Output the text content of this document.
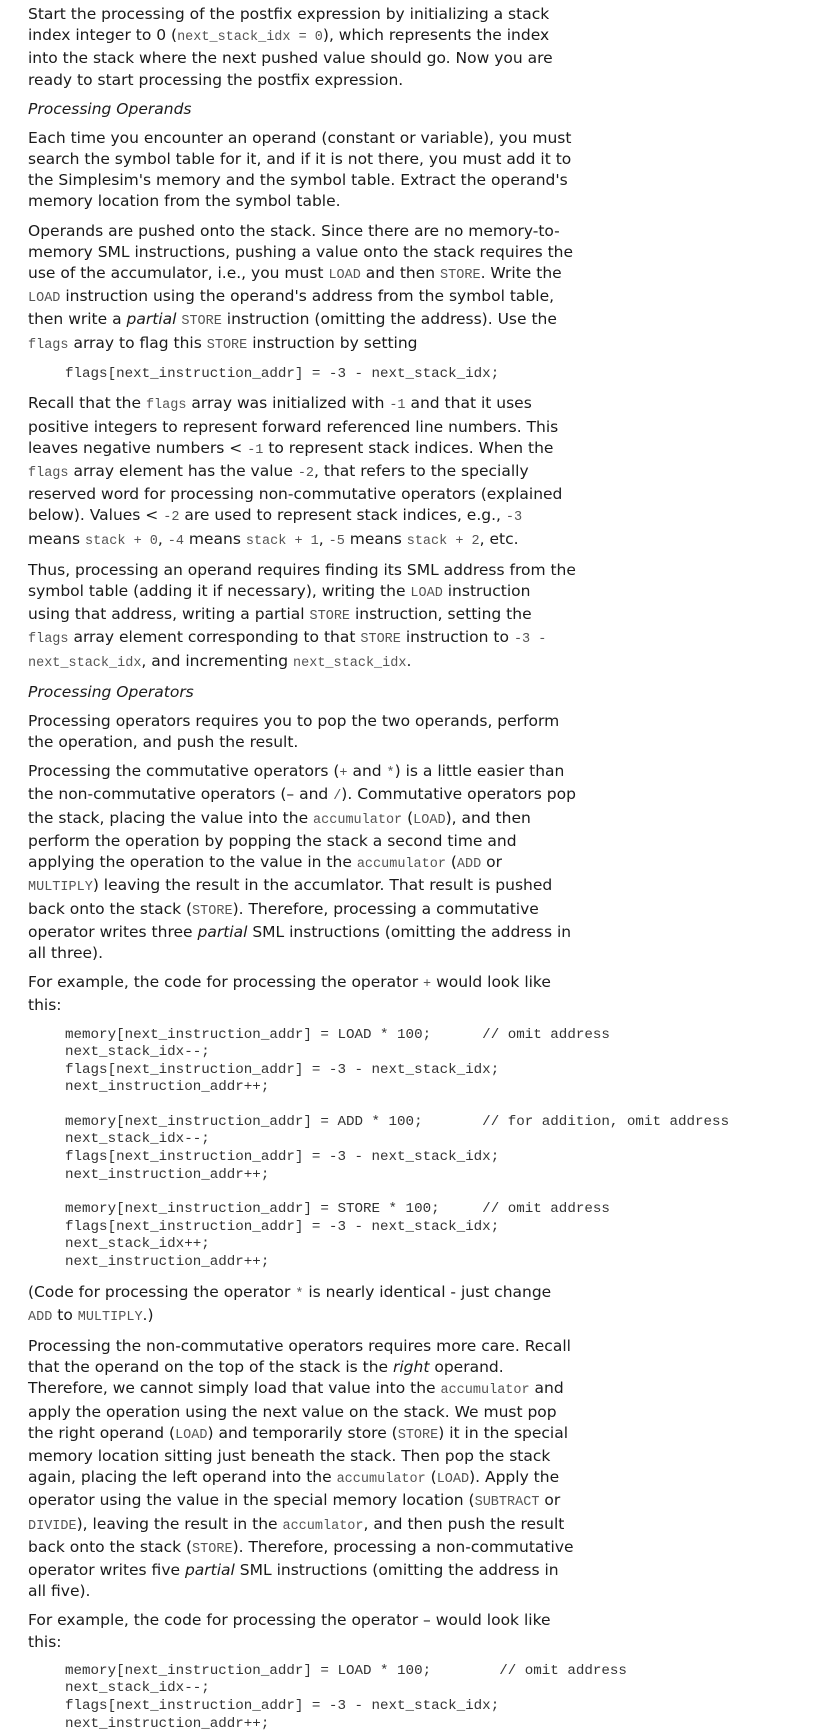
Start the processing of the postfix expression by initializing a stack index integer to 0 (next_stack_idx = 0), which represents the index into the stack where the next pushed value should go. Now you are ready to start processing the postfix expression.

Processing Operands

Each time you encounter an operand (constant or variable), you must search the symbol table for it, and if it is not there, you must add it to the Simplesim's memory and the symbol table. Extract the operand's memory location from the symbol table.

Operands are pushed onto the stack. Since there are no memory-to-memory SML instructions, pushing a value onto the stack requires the use of the accumulator, i.e., you must LOAD and then STORE. Write the LOAD instruction using the operand's address from the symbol table, then write a partial STORE instruction (omitting the address). Use the flags array to flag this STORE instruction by setting

flags[next_instruction_addr] = -3 - next_stack_idx;

Recall that the flags array was initialized with -1 and that it uses positive integers to represent forward referenced line numbers. This leaves negative numbers < -1 to represent stack indices. When the flags array element has the value -2, that refers to the specially reserved word for processing non-commutative operators (explained below). Values < -2 are used to represent stack indices, e.g., -3 means stack + 0, -4 means stack + 1, -5 means stack + 2, etc.

Thus, processing an operand requires finding its SML address from the symbol table (adding it if necessary), writing the LOAD instruction using that address, writing a partial STORE instruction, setting the flags array element corresponding to that STORE instruction to -3 - next_stack_idx, and incrementing next_stack_idx.

Processing Operators

Processing operators requires you to pop the two operands, perform the operation, and push the result.

Processing the commutative operators (+ and *) is a little easier than the non-commutative operators (– and /). Commutative operators pop the stack, placing the value into the accumulator (LOAD), and then perform the operation by popping the stack a second time and applying the operation to the value in the accumulator (ADD or MULTIPLY) leaving the result in the accumlator. That result is pushed back onto the stack (STORE). Therefore, processing a commutative operator writes three partial SML instructions (omitting the address in all three).

For example, the code for processing the operator + would look like this:

memory[next_instruction_addr] = LOAD * 100;      // omit address
next_stack_idx--;
flags[next_instruction_addr] = -3 - next_stack_idx;
next_instruction_addr++;
memory[next_instruction_addr] = ADD * 100;       // for addition, omit address
next_stack_idx--;
flags[next_instruction_addr] = -3 - next_stack_idx;
next_instruction_addr++;
memory[next_instruction_addr] = STORE * 100;     // omit address
flags[next_instruction_addr] = -3 - next_stack_idx;
next_stack_idx++;
next_instruction_addr++;

(Code for processing the operator * is nearly identical - just change ADD to MULTIPLY.)

Processing the non-commutative operators requires more care. Recall that the operand on the top of the stack is the right operand. Therefore, we cannot simply load that value into the accumulator and apply the operation using the next value on the stack. We must pop the right operand (LOAD) and temporarily store (STORE) it in the special memory location sitting just beneath the stack. Then pop the stack again, placing the left operand into the accumulator (LOAD). Apply the operator using the value in the special memory location (SUBTRACT or DIVIDE), leaving the result in the accumlator, and then push the result back onto the stack (STORE). Therefore, processing a non-commutative operator writes five partial SML instructions (omitting the address in all five).

For example, the code for processing the operator – would look like this:

memory[next_instruction_addr] = LOAD * 100;        // omit address
next_stack_idx--;
flags[next_instruction_addr] = -3 - next_stack_idx;
next_instruction_addr++;
